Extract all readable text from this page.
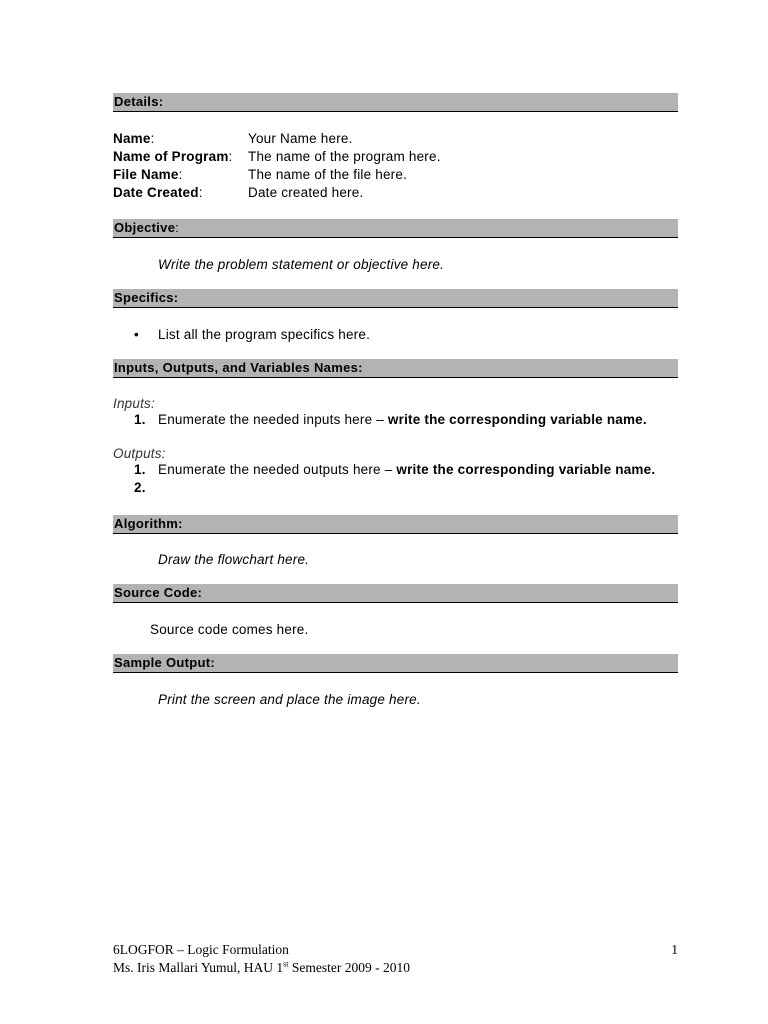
Details:
Name:	Your Name here.
Name of Program:	The name of the program here.
File Name:	The name of the file here.
Date Created:	Date created here.
Objective:
Write the problem statement or objective here.
Specifics:
•	List all the program specifics here.
Inputs, Outputs, and Variables Names:
Inputs:
1. Enumerate the needed inputs here – write the corresponding variable name.
Outputs:
1. Enumerate the needed outputs here – write the corresponding variable name.
2.
Algorithm:
Draw the flowchart here.
Source Code:
Source code comes here.
Sample Output:
Print the screen and place the image here.
6LOGFOR – Logic Formulation	1
Ms. Iris Mallari Yumul, HAU 1st Semester 2009 - 2010
